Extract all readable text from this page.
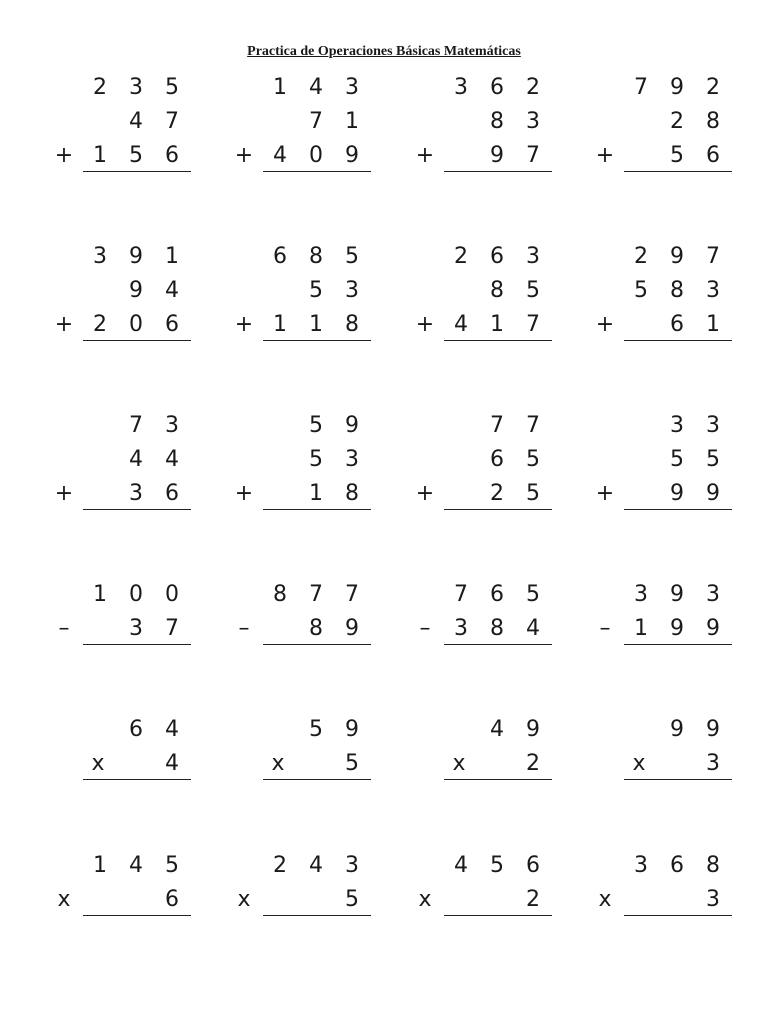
Practica de Operaciones Básicas Matemáticas
2 3 5
4 7
+ 1 5 6
1 4 3
7 1
+ 4 0 9
3 6 2
8 3
+	9 7
7 9 2
2 8
+	5 6
3 9 1
9 4
+ 2 0 6
6 8 5
5 3
+ 1 1 8
2 6 3
8 5
+ 4 1 7
2 9 7
5 8 3
+	6 1
7 3
4 4
+	3 6
5 9
5 3
+	1 8
7 7
6 5
+	2 5
3 3
5 5
+	9 9
1 0 0
–	3 7
8 7 7
–	8 9
7 6 5
– 3 8 4
3 9 3
– 1 9 9
6 4
x	4
5 9
x	5
4 9
x	2
9 9
x	3
1 4 5
x	6
2 4 3
x	5
4 5 6
x	2
3 6 8
x	3
